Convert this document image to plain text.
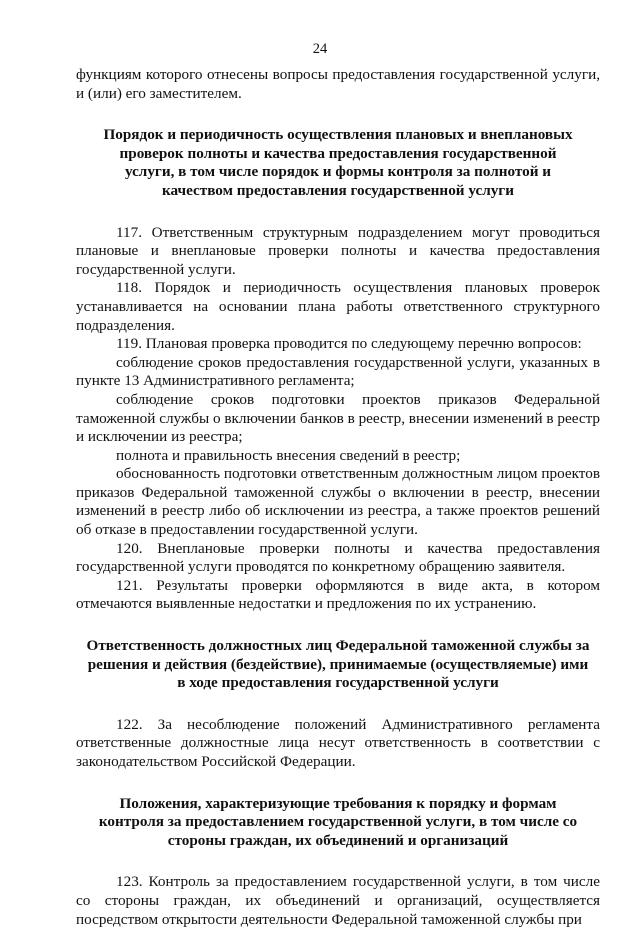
24

функциям которого отнесены вопросы предоставления государственной услуги, и (или) его заместителем.

Порядок и периодичность осуществления плановых и внеплановых проверок полноты и качества предоставления государственной услуги, в том числе порядок и формы контроля за полнотой и качеством предоставления государственной услуги

117. Ответственным структурным подразделением могут проводиться плановые и внеплановые проверки полноты и качества предоставления государственной услуги.

118. Порядок и периодичность осуществления плановых проверок устанавливается на основании плана работы ответственного структурного подразделения.

119. Плановая проверка проводится по следующему перечню вопросов:

соблюдение сроков предоставления государственной услуги, указанных в пункте 13 Административного регламента;

соблюдение сроков подготовки проектов приказов Федеральной таможенной службы о включении банков в реестр, внесении изменений в реестр и исключении из реестра;

полнота и правильность внесения сведений в реестр;

обоснованность подготовки ответственным должностным лицом проектов приказов Федеральной таможенной службы о включении в реестр, внесении изменений в реестр либо об исключении из реестра, а также проектов решений об отказе в предоставлении государственной услуги.

120. Внеплановые проверки полноты и качества предоставления государственной услуги проводятся по конкретному обращению заявителя.

121. Результаты проверки оформляются в виде акта, в котором отмечаются выявленные недостатки и предложения по их устранению.

Ответственность должностных лиц Федеральной таможенной службы за решения и действия (бездействие), принимаемые (осуществляемые) ими в ходе предоставления государственной услуги

122. За несоблюдение положений Административного регламента ответственные должностные лица несут ответственность в соответствии с законодательством Российской Федерации.

Положения, характеризующие требования к порядку и формам контроля за предоставлением государственной услуги, в том числе со стороны граждан, их объединений и организаций

123. Контроль за предоставлением государственной услуги, в том числе со стороны граждан, их объединений и организаций, осуществляется посредством открытости деятельности Федеральной таможенной службы при
